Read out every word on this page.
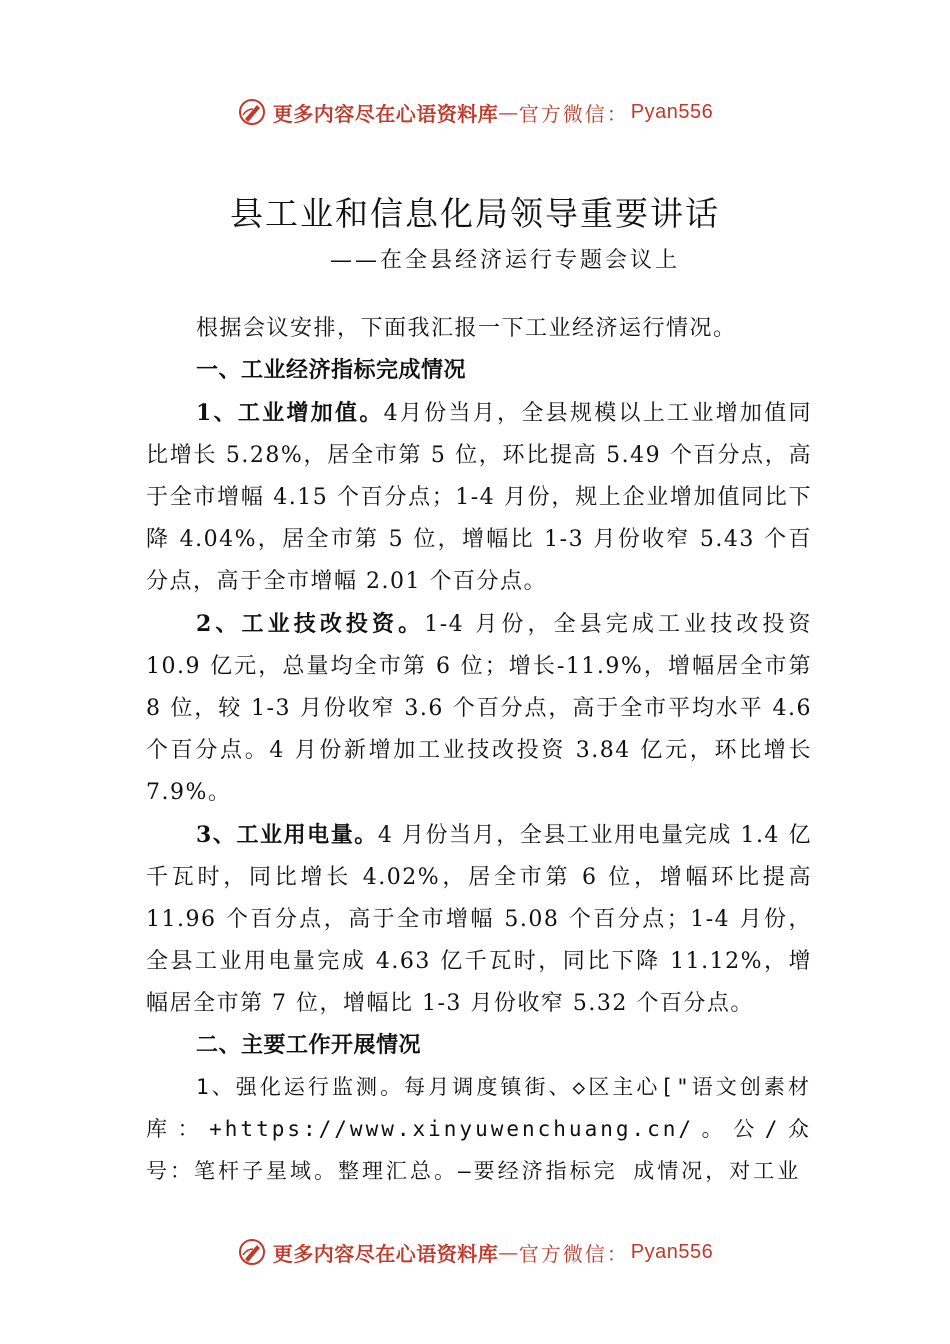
更多内容尽在心语资料库 — 官方微信： Pyan556
县工业和信息化局领导重要讲话
——在全县经济运行专题会议上

根据会议安排，下面我汇报一下工业经济运行情况。

一、工业经济指标完成情况

1、工业增加值。4月份当月，全县规模以上工业增加值同比增长 5.28%，居全市第 5 位，环比提高 5.49 个百分点，高于全市增幅 4.15 个百分点；1-4 月份，规上企业增加值同比下降 4.04%，居全市第 5 位，增幅比 1-3 月份收窄 5.43 个百分点，高于全市增幅 2.01 个百分点。

2、工业技改投资。1-4 月份，全县完成工业技改投资 10.9 亿元，总量均全市第 6 位；增长-11.9%，增幅居全市第 8 位，较 1-3 月份收窄 3.6 个百分点，高于全市平均水平 4.6 个百分点。4 月份新增加工业技改投资 3.84 亿元，环比增长 7.9%。

3、工业用电量。4 月份当月，全县工业用电量完成 1.4 亿千瓦时，同比增长 4.02%，居全市第 6 位，增幅环比提高 11.96 个百分点，高于全市增幅 5.08 个百分点；1-4 月份，全县工业用电量完成 4.63 亿千瓦时，同比下降 11.12%，增幅居全市第 7 位，增幅比 1-3 月份收窄 5.32 个百分点。

二、主要工作开展情况

1、强化运行监测。每月调度镇街、◇区主心["语文创素材库：+https://www.xinyuwenchuang.cn/。公/众号：笔杆子星域。整理汇总。—要经济指标完 成情况，对工业

更多内容尽在心语资料库 — 官方微信： Pyan556
